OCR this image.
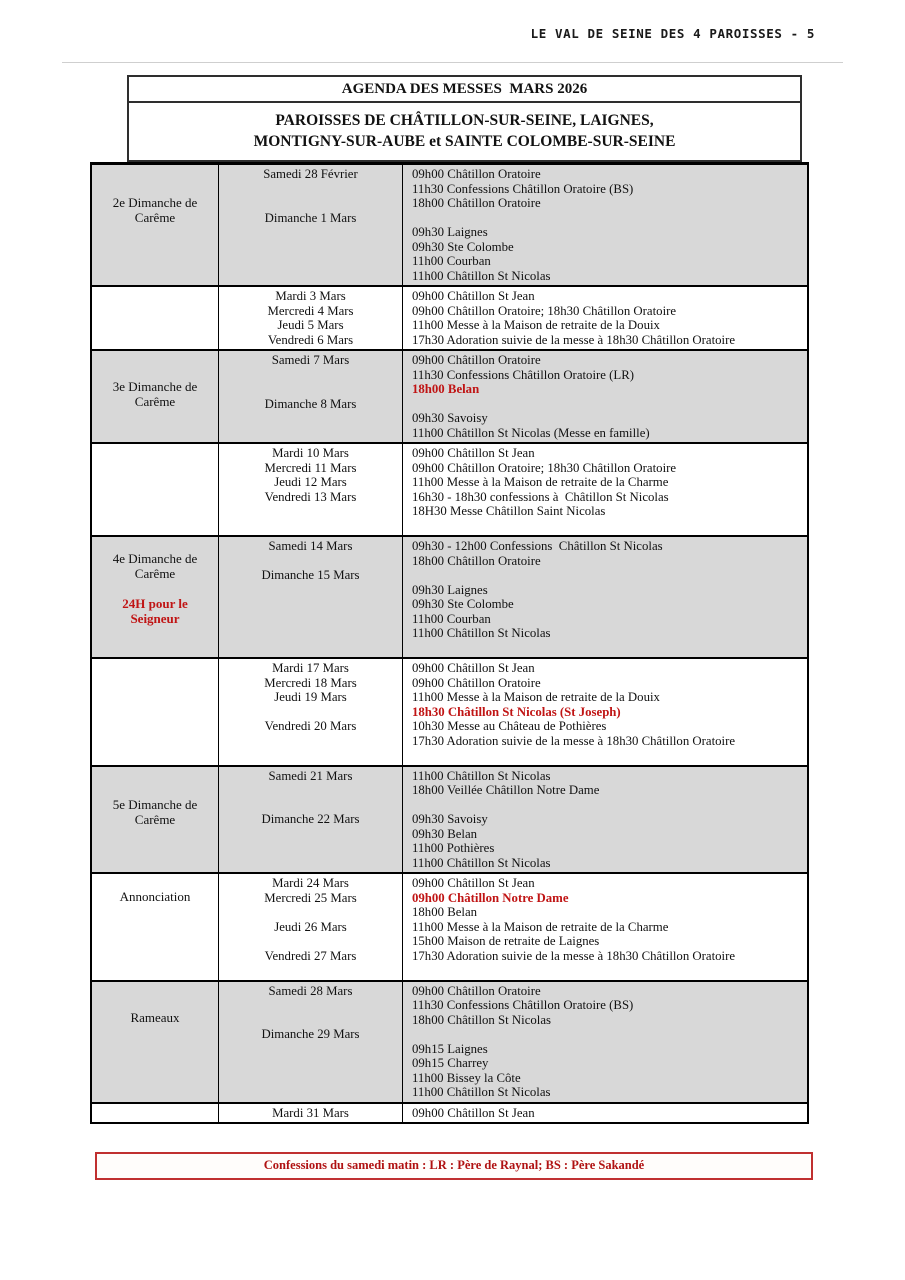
LE VAL DE SEINE DES 4 PAROISSES - 5
AGENDA DES MESSES  MARS 2026
PAROISSES DE CHÂTILLON-SUR-SEINE, LAIGNES,
MONTIGNY-SUR-AUBE et SAINTE COLOMBE-SUR-SEINE
2e Dimanche de Carême
Samedi 28 Février

Dimanche 1 Mars

09h00 Châtillon Oratoire
11h30 Confessions Châtillon Oratoire (BS)
18h00 Châtillon Oratoire

09h30 Laignes
09h30 Ste Colombe
11h00 Courban
11h00 Châtillon St Nicolas
Mardi 3 Mars
Mercredi 4 Mars
Jeudi 5 Mars
Vendredi 6 Mars
09h00 Châtillon St Jean
09h00 Châtillon Oratoire; 18h30 Châtillon Oratoire
11h00 Messe à la Maison de retraite de la Douix
17h30 Adoration suivie de la messe à 18h30 Châtillon Oratoire
3e Dimanche de Carême
Samedi 7 Mars

Dimanche 8 Mars

09h00 Châtillon Oratoire
11h30 Confessions Châtillon Oratoire (LR)
18h00 Belan

09h30 Savoisy
11h00 Châtillon St Nicolas (Messe en famille)
Mardi 10 Mars
Mercredi 11 Mars
Jeudi 12 Mars
Vendredi 13 Mars

09h00 Châtillon St Jean
09h00 Châtillon Oratoire; 18h30 Châtillon Oratoire
11h00 Messe à la Maison de retraite de la Charme
16h30 - 18h30 confessions à  Châtillon St Nicolas
18H30 Messe Châtillon Saint Nicolas

4e Dimanche de Carême
24H pour le Seigneur
Samedi 14 Mars

Dimanche 15 Mars

09h30 - 12h00 Confessions  Châtillon St Nicolas
18h00 Châtillon Oratoire

09h30 Laignes
09h30 Ste Colombe
11h00 Courban
11h00 Châtillon St Nicolas

Mardi 17 Mars
Mercredi 18 Mars
Jeudi 19 Mars

Vendredi 20 Mars

09h00 Châtillon St Jean
09h00 Châtillon Oratoire
11h00 Messe à la Maison de retraite de la Douix
18h30 Châtillon St Nicolas (St Joseph)
10h30 Messe au Château de Pothières
17h30 Adoration suivie de la messe à 18h30 Châtillon Oratoire

5e Dimanche de Carême
Samedi 21 Mars

Dimanche 22 Mars

11h00 Châtillon St Nicolas
18h00 Veillée Châtillon Notre Dame

09h30 Savoisy
09h30 Belan
11h00 Pothières
11h00 Châtillon St Nicolas
Annonciation
Mardi 24 Mars
Mercredi 25 Mars

Jeudi 26 Mars

Vendredi 27 Mars

09h00 Châtillon St Jean
09h00 Châtillon Notre Dame
18h00 Belan
11h00 Messe à la Maison de retraite de la Charme
15h00 Maison de retraite de Laignes
17h30 Adoration suivie de la messe à 18h30 Châtillon Oratoire

Rameaux
Samedi 28 Mars

Dimanche 29 Mars

09h00 Châtillon Oratoire
11h30 Confessions Châtillon Oratoire (BS)
18h00 Châtillon St Nicolas

09h15 Laignes
09h15 Charrey
11h00 Bissey la Côte
11h00 Châtillon St Nicolas
Mardi 31 Mars	09h00 Châtillon St Jean
Confessions du samedi matin : LR : Père de Raynal; BS : Père Sakandé
